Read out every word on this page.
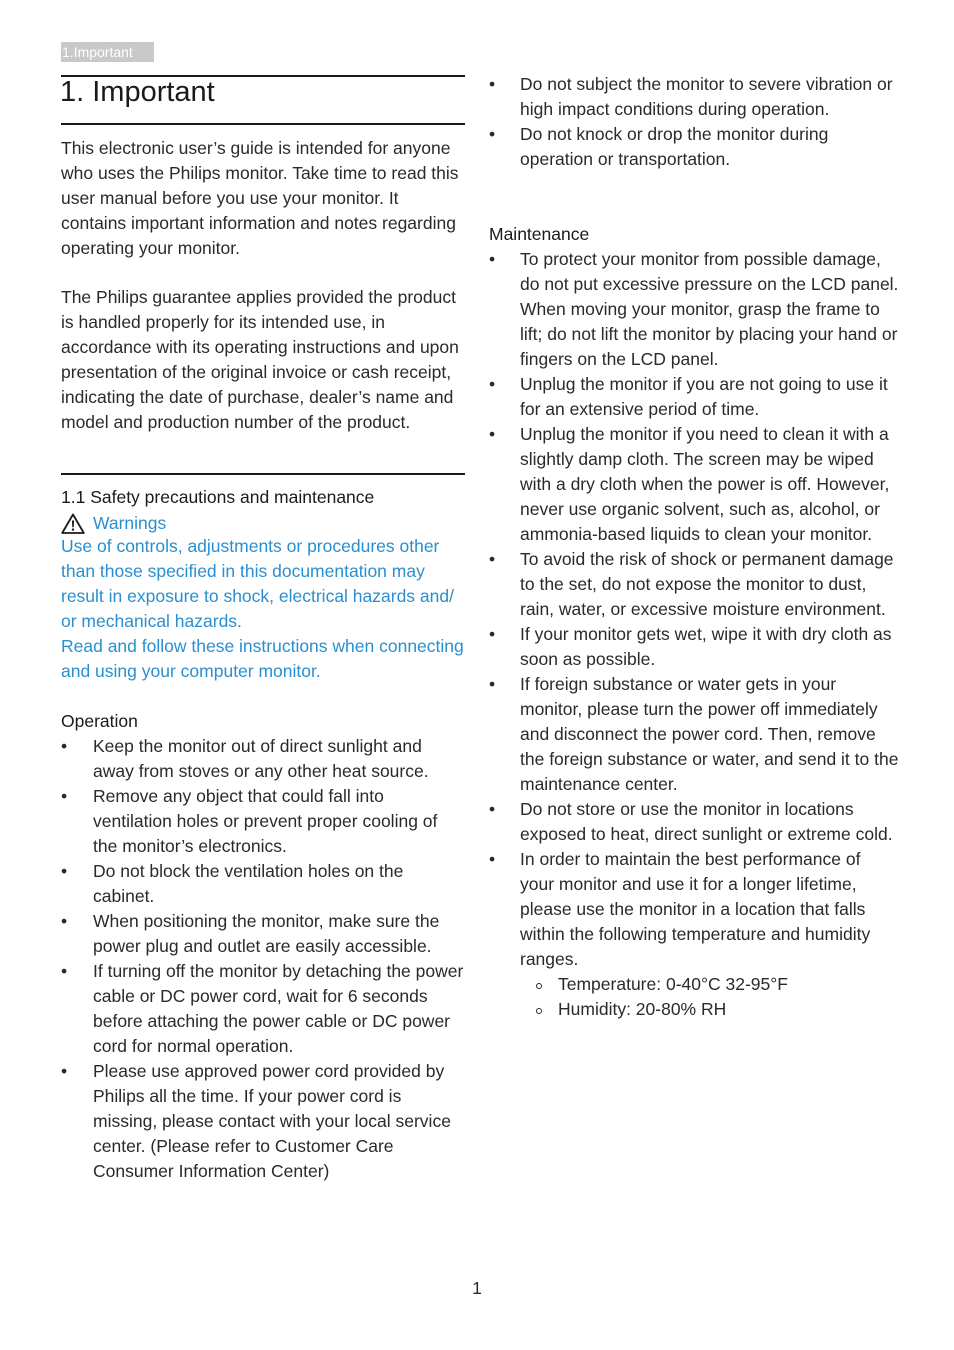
1.Important
1. Important

This electronic user’s guide is intended for anyone who uses the Philips monitor. Take time to read this user manual before you use your monitor. It contains important information and notes regarding operating your monitor.

The Philips guarantee applies provided the product is handled properly for its intended use, in accordance with its operating instructions and upon presentation of the original invoice or cash receipt, indicating the date of purchase, dealer’s name and model and production number of the product.

1.1 Safety precautions and maintenance

Warnings

Use of controls, adjustments or procedures other than those specified in this documentation may result in exposure to shock, electrical hazards and/ or mechanical hazards.

Read and follow these instructions when connecting and using your computer monitor.

Operation

• Keep the monitor out of direct sunlight and away from stoves or any other heat source.
• Remove any object that could fall into ventilation holes or prevent proper cooling of the monitor’s electronics.
• Do not block the ventilation holes on the cabinet.
• When positioning the monitor, make sure the power plug and outlet are easily accessible.
• If turning off the monitor by detaching the power cable or DC power cord, wait for 6 seconds before attaching the power cable or DC power cord for normal operation.
• Please use approved power cord provided by Philips all the time. If your power cord is missing, please contact with your local service center. (Please refer to Customer Care Consumer Information Center)
• Do not subject the monitor to severe vibration or high impact conditions during operation.
• Do not knock or drop the monitor during operation or transportation.

Maintenance

• To protect your monitor from possible damage, do not put excessive pressure on the LCD panel. When moving your monitor, grasp the frame to lift; do not lift the monitor by placing your hand or fingers on the LCD panel.
• Unplug the monitor if you are not going to use it for an extensive period of time.
• Unplug the monitor if you need to clean it with a slightly damp cloth. The screen may be wiped with a dry cloth when the power is off. However, never use organic solvent, such as, alcohol, or ammonia-based liquids to clean your monitor.
• To avoid the risk of shock or permanent damage to the set, do not expose the monitor to dust, rain, water, or excessive moisture environment.
• If your monitor gets wet, wipe it with dry cloth as soon as possible.
• If foreign substance or water gets in your monitor, please turn the power off immediately and disconnect the power cord. Then, remove the foreign substance or water, and send it to the maintenance center.
• Do not store or use the monitor in locations exposed to heat, direct sunlight or extreme cold.
• In order to maintain the best performance of your monitor and use it for a longer lifetime, please use the monitor in a location that falls within the following temperature and humidity ranges.
Temperature: 0-40°C 32-95°F
Humidity: 20-80% RH
1
